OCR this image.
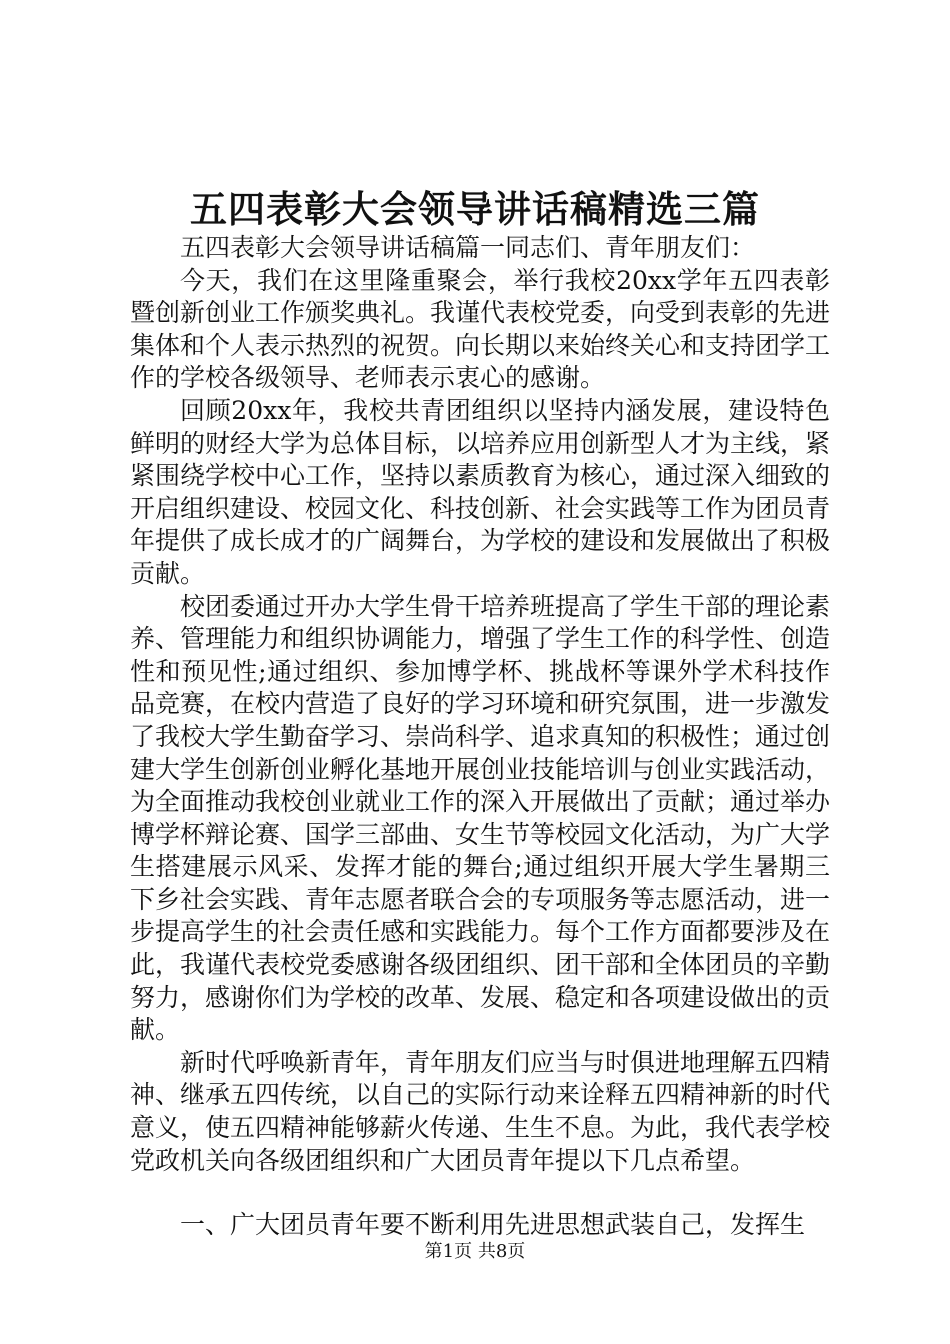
五四表彰大会领导讲话稿精选三篇

五四表彰大会领导讲话稿篇一同志们、青年朋友们：

今天，我们在这里隆重聚会，举行我校20xx学年五四表彰暨创新创业工作颁奖典礼。我谨代表校党委，向受到表彰的先进集体和个人表示热烈的祝贺。向长期以来始终关心和支持团学工作的学校各级领导、老师表示衷心的感谢。

回顾20xx年，我校共青团组织以坚持内涵发展，建设特色鲜明的财经大学为总体目标，以培养应用创新型人才为主线，紧紧围绕学校中心工作，坚持以素质教育为核心，通过深入细致的开启组织建设、校园文化、科技创新、社会实践等工作为团员青年提供了成长成才的广阔舞台，为学校的建设和发展做出了积极贡献。

校团委通过开办大学生骨干培养班提高了学生干部的理论素养、管理能力和组织协调能力，增强了学生工作的科学性、创造性和预见性;通过组织、参加博学杯、挑战杯等课外学术科技作品竞赛，在校内营造了良好的学习环境和研究氛围，进一步激发了我校大学生勤奋学习、崇尚科学、追求真知的积极性；通过创建大学生创新创业孵化基地开展创业技能培训与创业实践活动，为全面推动我校创业就业工作的深入开展做出了贡献；通过举办博学杯辩论赛、国学三部曲、女生节等校园文化活动，为广大学生搭建展示风采、发挥才能的舞台;通过组织开展大学生暑期三下乡社会实践、青年志愿者联合会的专项服务等志愿活动，进一步提高学生的社会责任感和实践能力。每个工作方面都要涉及在此，我谨代表校党委感谢各级团组织、团干部和全体团员的辛勤努力，感谢你们为学校的改革、发展、稳定和各项建设做出的贡献。

新时代呼唤新青年，青年朋友们应当与时俱进地理解五四精神、继承五四传统，以自己的实际行动来诠释五四精神新的时代意义，使五四精神能够薪火传递、生生不息。为此，我代表学校党政机关向各级团组织和广大团员青年提以下几点希望。

一、广大团员青年要不断利用先进思想武装自己，发挥生

第1页 共8页
